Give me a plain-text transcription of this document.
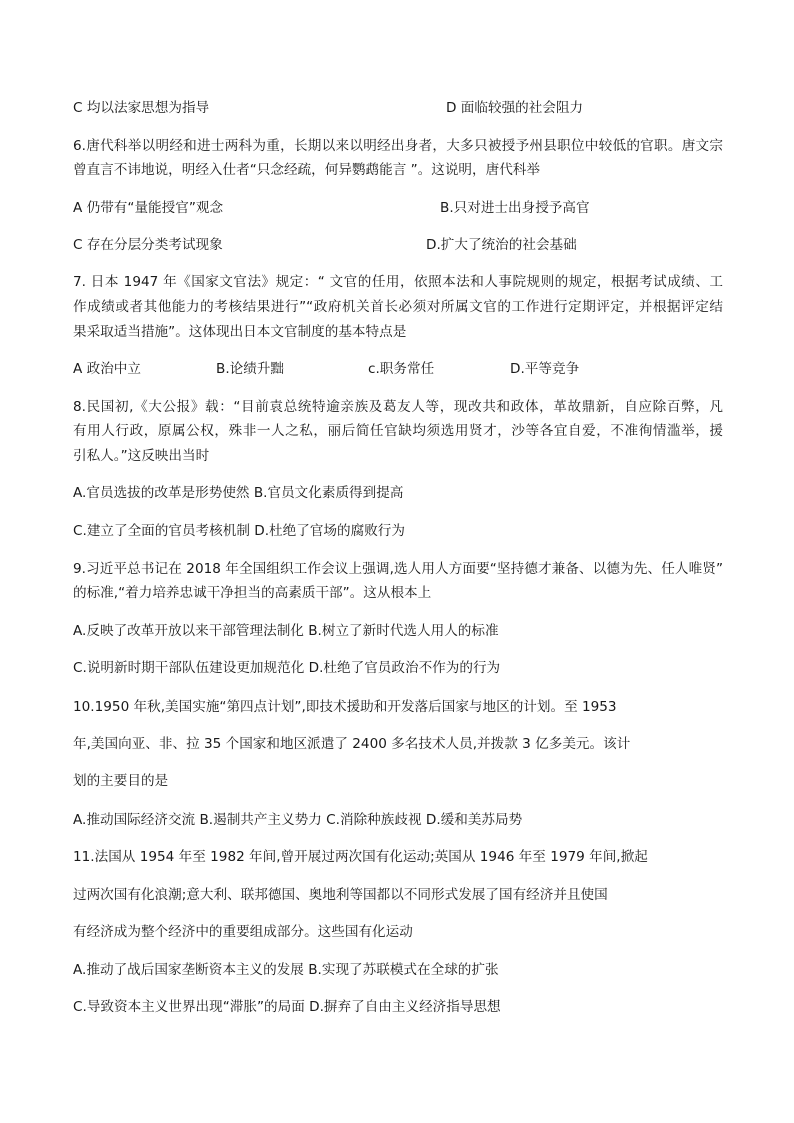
C 均以法家思想为指导	D 面临较强的社会阻力
6.唐代科举以明经和进士两科为重，长期以来以明经出身者，大多只被授予州县职位中较低的官职。唐文宗
曾直言不讳地说，明经入仕者“只念经疏，何异鹦鹉能言 ”。这说明，唐代科举
A 仍带有“量能授官”观念	B.只对进士出身授予高官
C 存在分层分类考试现象	D.扩大了统治的社会基础
7. 日本 1947 年《国家文官法》规定：“ 文官的任用，依照本法和人事院规则的规定，根据考试成绩、工
作成绩或者其他能力的考核结果进行”“政府机关首长必须对所属文官的工作进行定期评定，并根据评定结
果采取适当措施”。这体现出日本文官制度的基本特点是
A 政治中立	B.论绩升黜	c.职务常任	D.平等竞争
8.民国初,《大公报》载：“目前袁总统特逾亲族及葛友人等，现改共和政体，革故鼎新，自应除百弊，凡
有用人行政，原属公权，殊非一人之私，丽后简任官缺均须选用贤才，沙等各宜自爱，不准徇情滥举，援
引私人。”这反映出当时
A.官员选拔的改革是形势使然 B.官员文化素质得到提高
C.建立了全面的官员考核机制 D.杜绝了官场的腐败行为
9.习近平总书记在 2018 年全国组织工作会议上强调,选人用人方面要“坚持德才兼备、以德为先、任人唯贤”
的标准,“着力培养忠诚干净担当的高素质干部”。这从根本上
A.反映了改革开放以来干部管理法制化 B.树立了新时代选人用人的标准
C.说明新时期干部队伍建设更加规范化 D.杜绝了官员政治不作为的行为
10.1950 年秋,美国实施“第四点计划”,即技术援助和开发落后国家与地区的计划。至 1953
年,美国向亚、非、拉 35 个国家和地区派遣了 2400 多名技术人员,并拨款 3 亿多美元。该计
划的主要目的是
A.推动国际经济交流 B.遏制共产主义势力 C.消除种族歧视 D.缓和美苏局势
11.法国从 1954 年至 1982 年间,曾开展过两次国有化运动;英国从 1946 年至 1979 年间,掀起
过两次国有化浪潮;意大利、联邦德国、奥地利等国都以不同形式发展了国有经济并且使国
有经济成为整个经济中的重要组成部分。这些国有化运动
A.推动了战后国家垄断资本主义的发展 B.实现了苏联模式在全球的扩张
C.导致资本主义世界出现“滞胀”的局面 D.摒弃了自由主义经济指导思想
